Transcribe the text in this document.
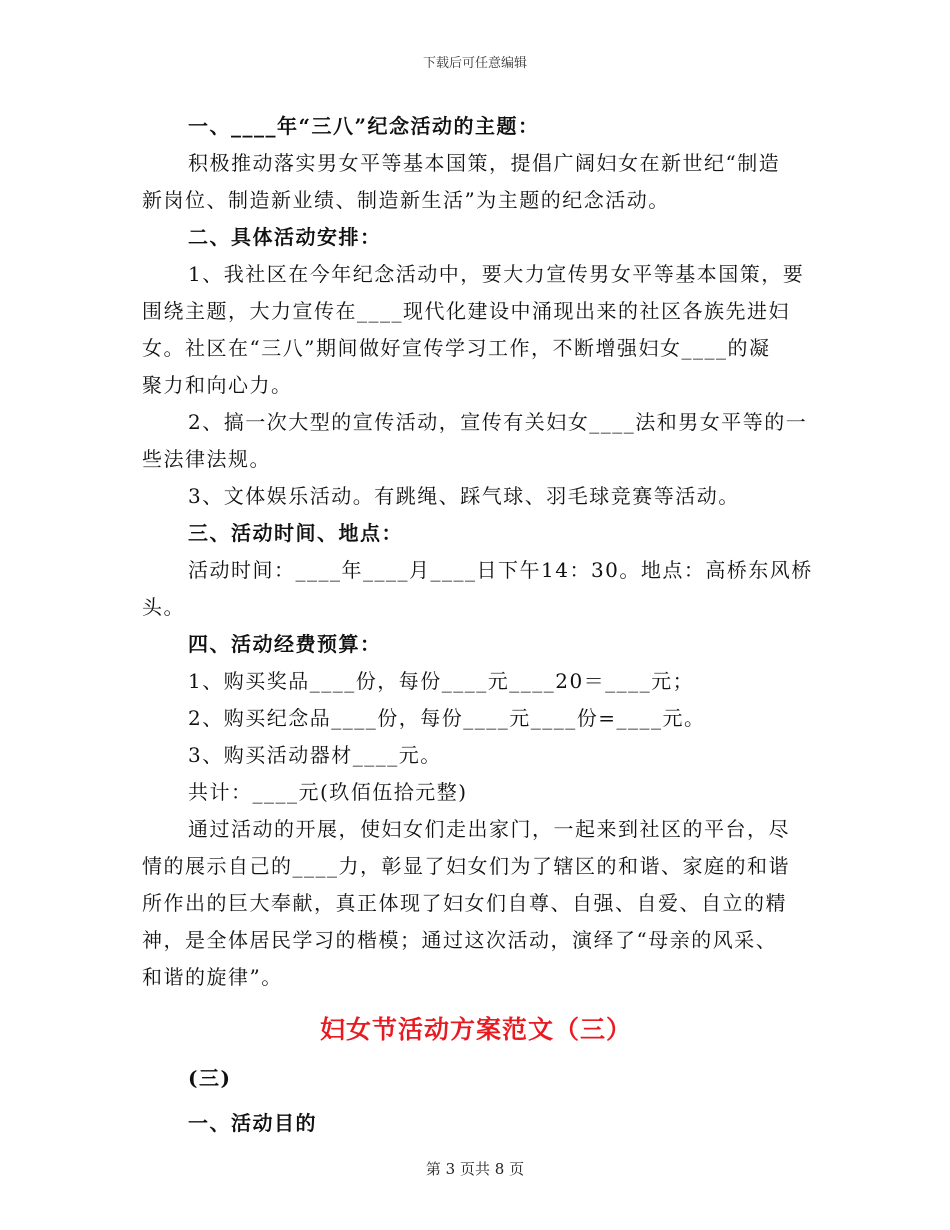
下载后可任意编辑
一、____年“三八”纪念活动的主题：
积极推动落实男女平等基本国策，提倡广阔妇女在新世纪“制造
新岗位、制造新业绩、制造新生活”为主题的纪念活动。
二、具体活动安排：
1、我社区在今年纪念活动中，要大力宣传男女平等基本国策，要
围绕主题，大力宣传在____现代化建设中涌现出来的社区各族先进妇
女。社区在“三八”期间做好宣传学习工作，不断增强妇女____的凝
聚力和向心力。
2、搞一次大型的宣传活动，宣传有关妇女____法和男女平等的一
些法律法规。
3、文体娱乐活动。有跳绳、踩气球、羽毛球竞赛等活动。
三、活动时间、地点：
活动时间：____年____月____日下午14：30。地点：高桥东风桥
头。
四、活动经费预算：
1、购买奖品____份，每份____元____20＝____元；
2、购买纪念品____份，每份____元____份=____元。
3、购买活动器材____元。
共计：____元(玖佰伍拾元整)
通过活动的开展，使妇女们走出家门，一起来到社区的平台，尽
情的展示自己的____力，彰显了妇女们为了辖区的和谐、家庭的和谐
所作出的巨大奉献，真正体现了妇女们自尊、自强、自爱、自立的精
神，是全体居民学习的楷模；通过这次活动，演绎了“母亲的风采、
和谐的旋律”。
妇女节活动方案范文（三）
(三)
一、活动目的
第 3 页共 8 页
